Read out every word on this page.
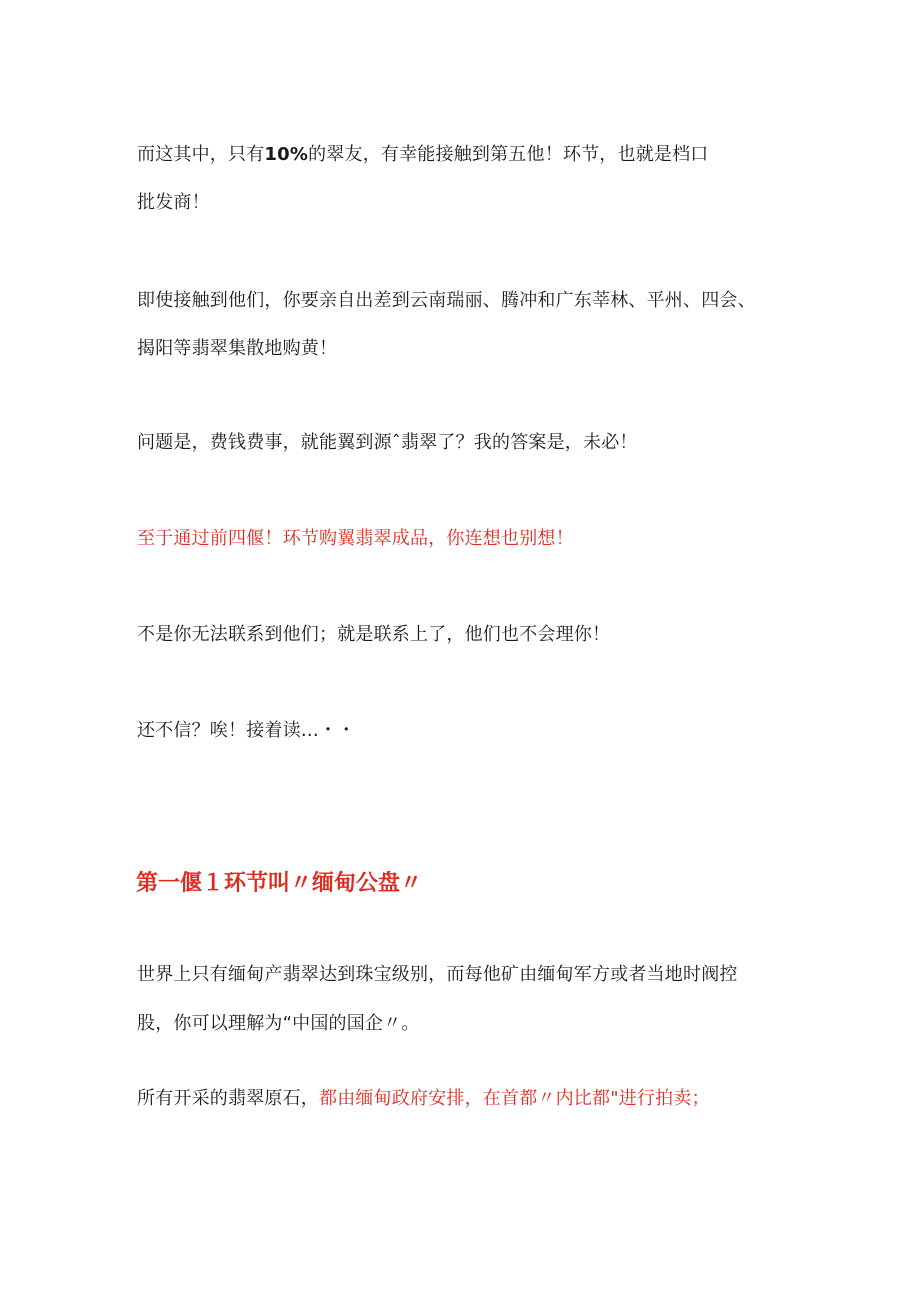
而这其中，只有10%的翠友，有幸能接触到第五他！环节，也就是档口
批发商！
即使接触到他们，你要亲自出差到云南瑞丽、腾冲和广东莘林、平州、四会、
揭阳等翡翠集散地购黄！
问题是，费钱费事，就能翼到源ˆ翡翠了？我的答案是，未必！
至于通过前四偃！环节购翼翡翠成品，你连想也别想！
不是你无法联系到他们；就是联系上了，他们也不会理你！
还不信？唉！接着读…・・
第一偃１环节叫〃缅甸公盘〃
世界上只有缅甸产翡翠达到珠宝级别，而每他矿由缅甸军方或者当地时阀控
股，你可以理解为“中国的国企〃。
所有开采的翡翠原石，都由缅甸政府安排，在首都〃内比都"进行拍卖；
